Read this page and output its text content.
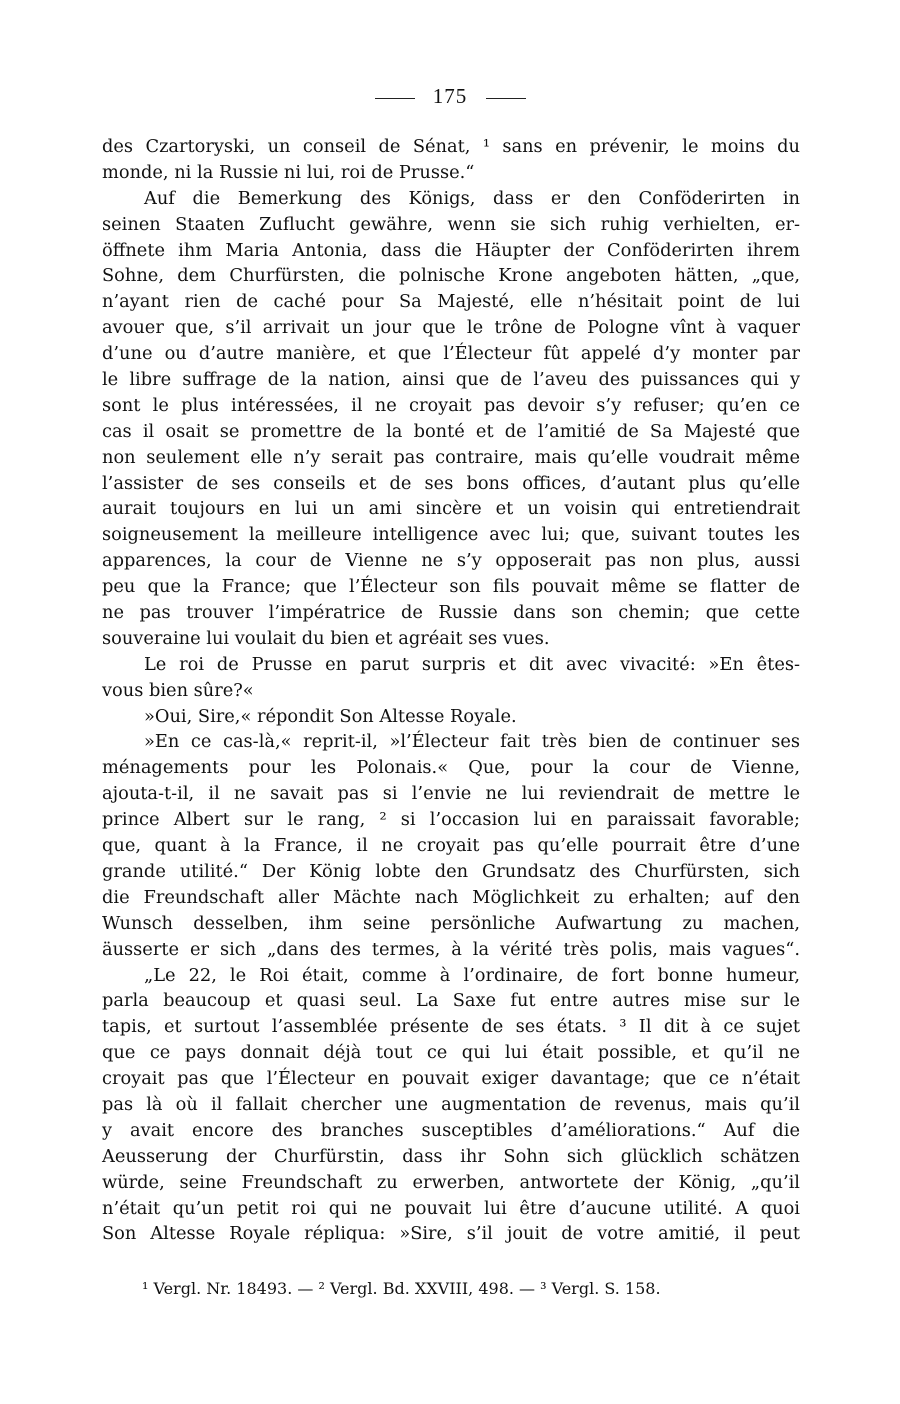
175
des Czartoryski, un conseil de Sénat, ¹ sans en prévenir, le moins du
monde, ni la Russie ni lui, roi de Prusse.“
Auf die Bemerkung des Königs, dass er den Conföderirten in
seinen Staaten Zuflucht gewähre, wenn sie sich ruhig verhielten, er-
öffnete ihm Maria Antonia, dass die Häupter der Conföderirten ihrem
Sohne, dem Churfürsten, die polnische Krone angeboten hätten, „que,
n’ayant rien de caché pour Sa Majesté, elle n’hésitait point de lui
avouer que, s’il arrivait un jour que le trône de Pologne vînt à vaquer
d’une ou d’autre manière, et que l’Électeur fût appelé d’y monter par
le libre suffrage de la nation, ainsi que de l’aveu des puissances qui y
sont le plus intéressées, il ne croyait pas devoir s’y refuser; qu’en ce
cas il osait se promettre de la bonté et de l’amitié de Sa Majesté que
non seulement elle n’y serait pas contraire, mais qu’elle voudrait même
l’assister de ses conseils et de ses bons offices, d’autant plus qu’elle
aurait toujours en lui un ami sincère et un voisin qui entretiendrait
soigneusement la meilleure intelligence avec lui; que, suivant toutes les
apparences, la cour de Vienne ne s’y opposerait pas non plus, aussi
peu que la France; que l’Électeur son fils pouvait même se flatter de
ne pas trouver l’impératrice de Russie dans son chemin; que cette
souveraine lui voulait du bien et agréait ses vues.
Le roi de Prusse en parut surpris et dit avec vivacité: »En êtes-
vous bien sûre?«
»Oui, Sire,« répondit Son Altesse Royale.
»En ce cas-là,« reprit-il, »l’Électeur fait très bien de continuer ses
ménagements pour les Polonais.« Que, pour la cour de Vienne,
ajouta-t-il, il ne savait pas si l’envie ne lui reviendrait de mettre le
prince Albert sur le rang, ² si l’occasion lui en paraissait favorable;
que, quant à la France, il ne croyait pas qu’elle pourrait être d’une
grande utilité.“ Der König lobte den Grundsatz des Churfürsten, sich
die Freundschaft aller Mächte nach Möglichkeit zu erhalten; auf den
Wunsch desselben, ihm seine persönliche Aufwartung zu machen,
äusserte er sich „dans des termes, à la vérité très polis, mais vagues“.
„Le 22, le Roi était, comme à l’ordinaire, de fort bonne humeur,
parla beaucoup et quasi seul. La Saxe fut entre autres mise sur le
tapis, et surtout l’assemblée présente de ses états. ³ Il dit à ce sujet
que ce pays donnait déjà tout ce qui lui était possible, et qu’il ne
croyait pas que l’Électeur en pouvait exiger davantage; que ce n’était
pas là où il fallait chercher une augmentation de revenus, mais qu’il
y avait encore des branches susceptibles d’améliorations.“ Auf die
Aeusserung der Churfürstin, dass ihr Sohn sich glücklich schätzen
würde, seine Freundschaft zu erwerben, antwortete der König, „qu’il
n’était qu’un petit roi qui ne pouvait lui être d’aucune utilité. A quoi
Son Altesse Royale répliqua: »Sire, s’il jouit de votre amitié, il peut
¹ Vergl. Nr. 18493. — ² Vergl. Bd. XXVIII, 498. — ³ Vergl. S. 158.
